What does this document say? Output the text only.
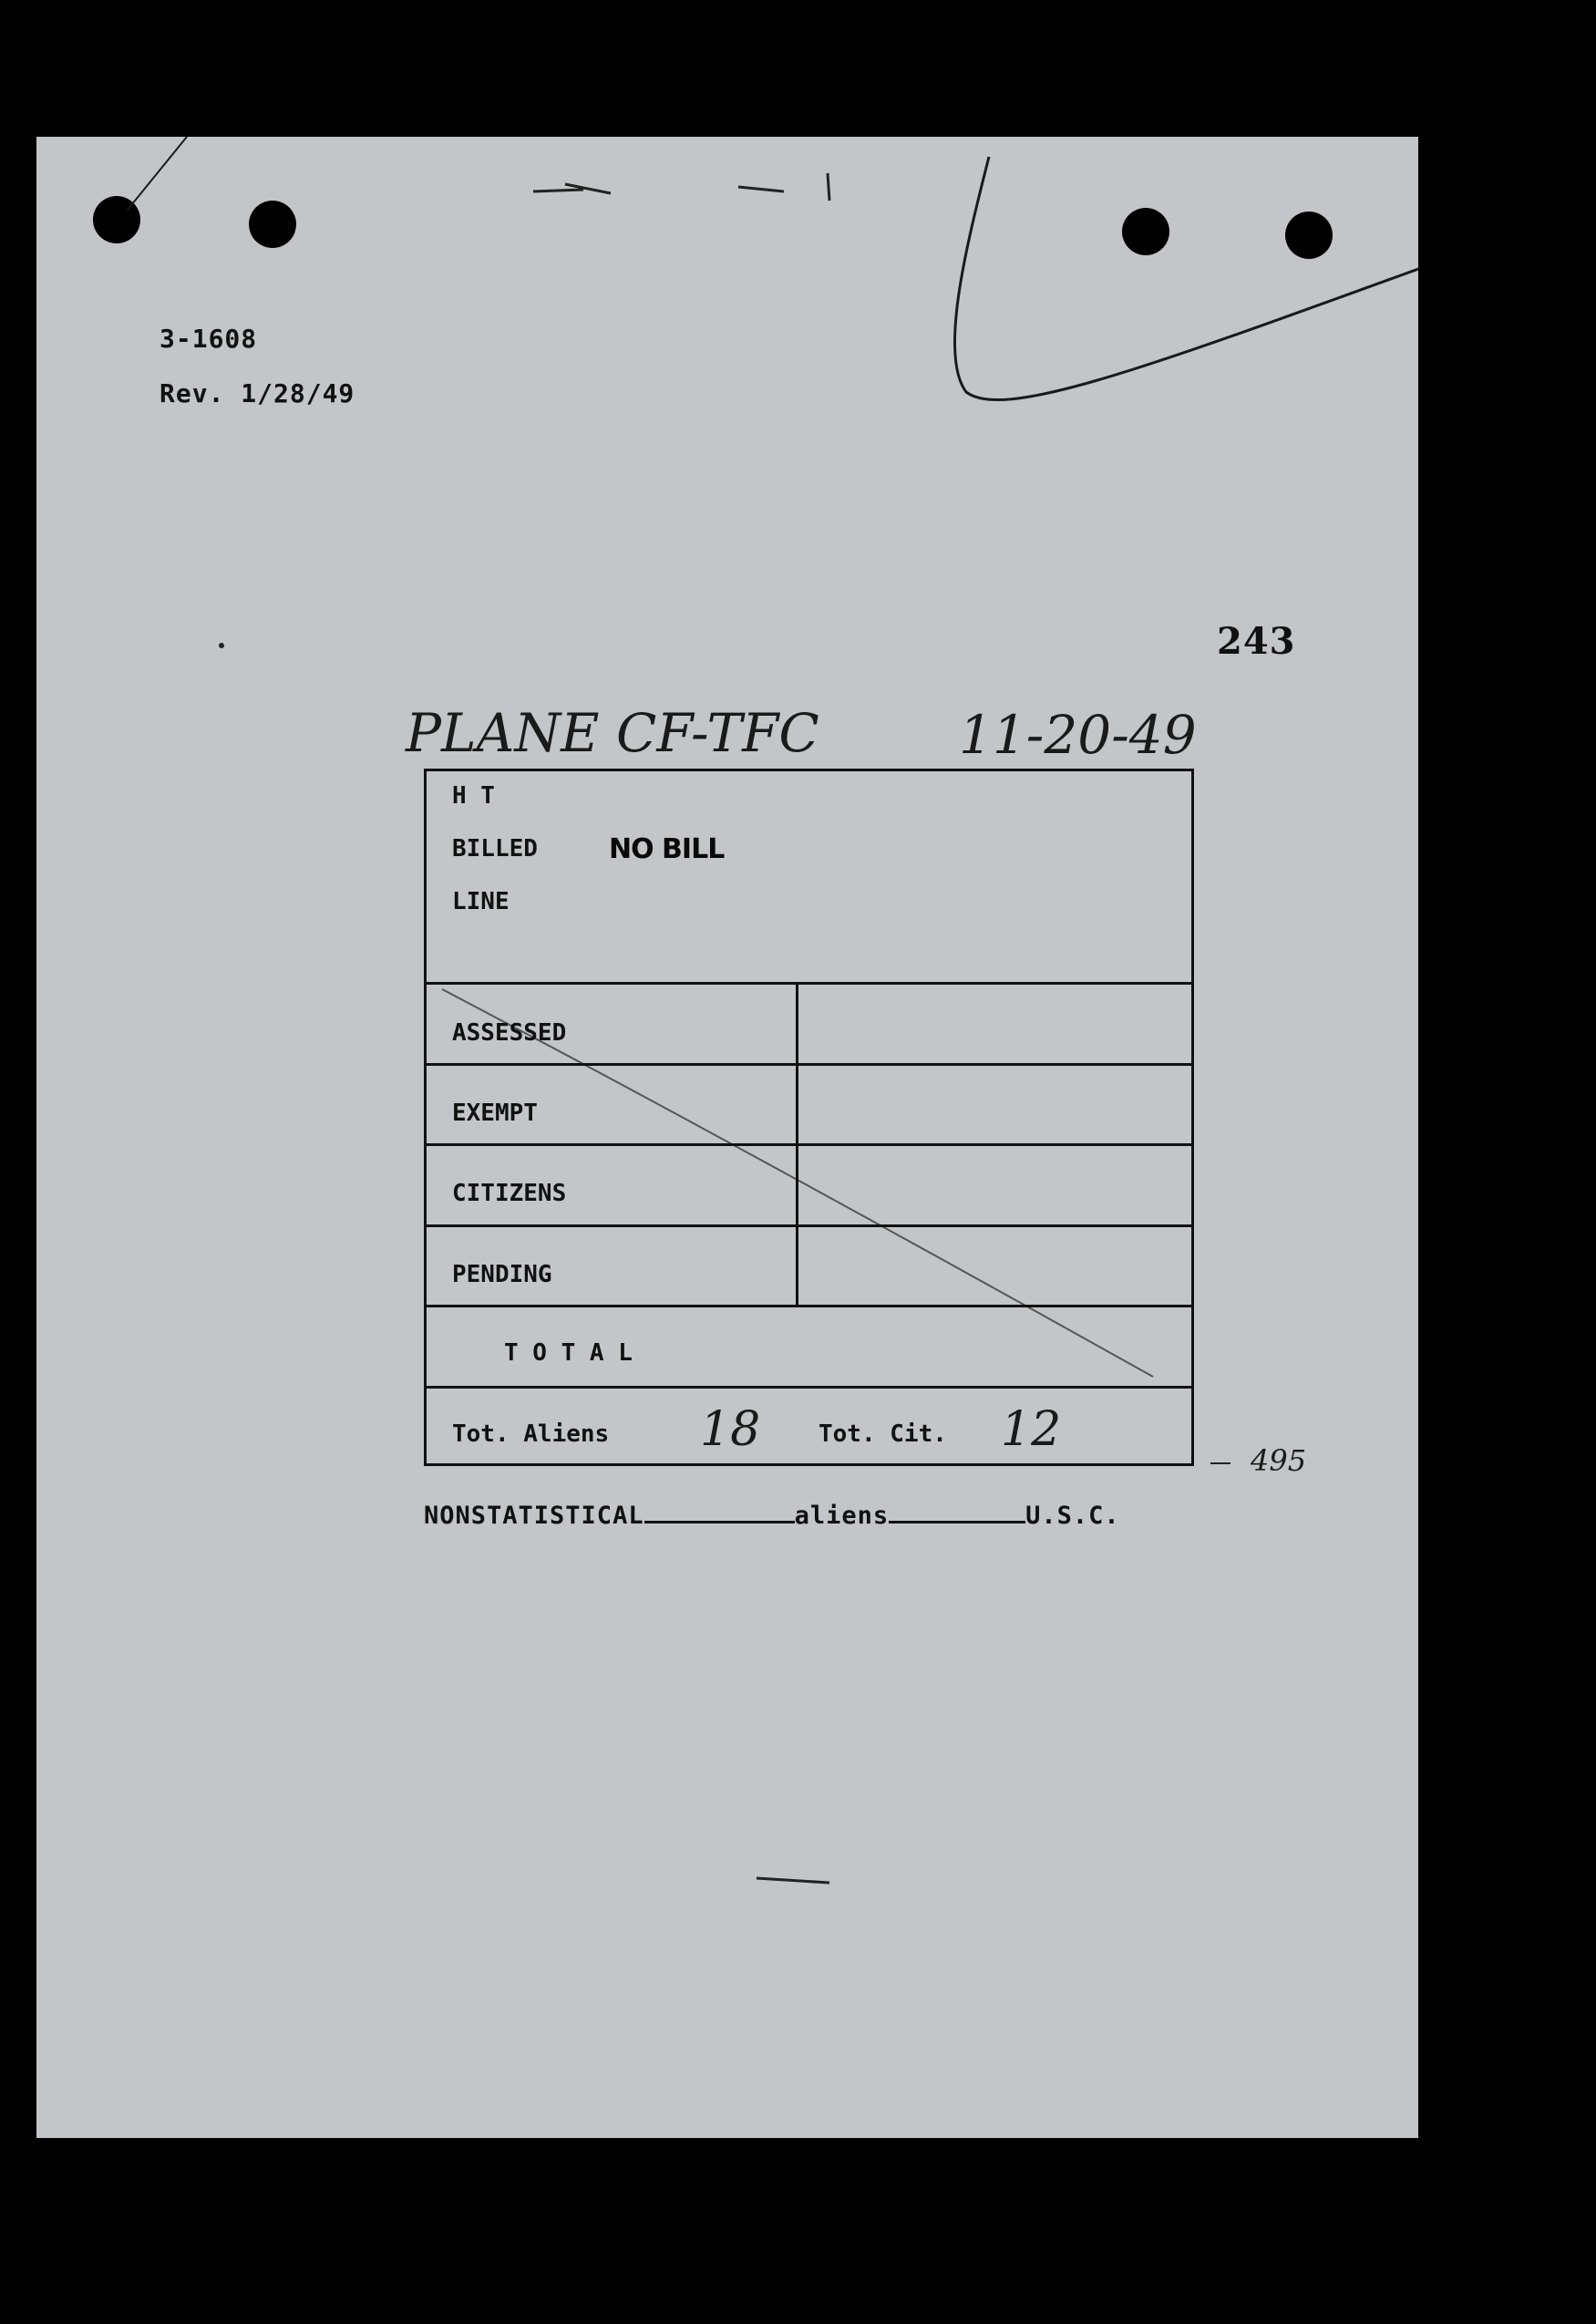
3-1608
Rev. 1/28/49
243
PLANE CF-TFC	11-20-49
495
NONSTATISTICAL	aliens	U.S.C.
H T
BILLED	NO BILL
LINE
ASSESSED
EXEMPT
CITIZENS
PENDING
T O T A L
Tot. Aliens 18 Tot. Cit. 12
